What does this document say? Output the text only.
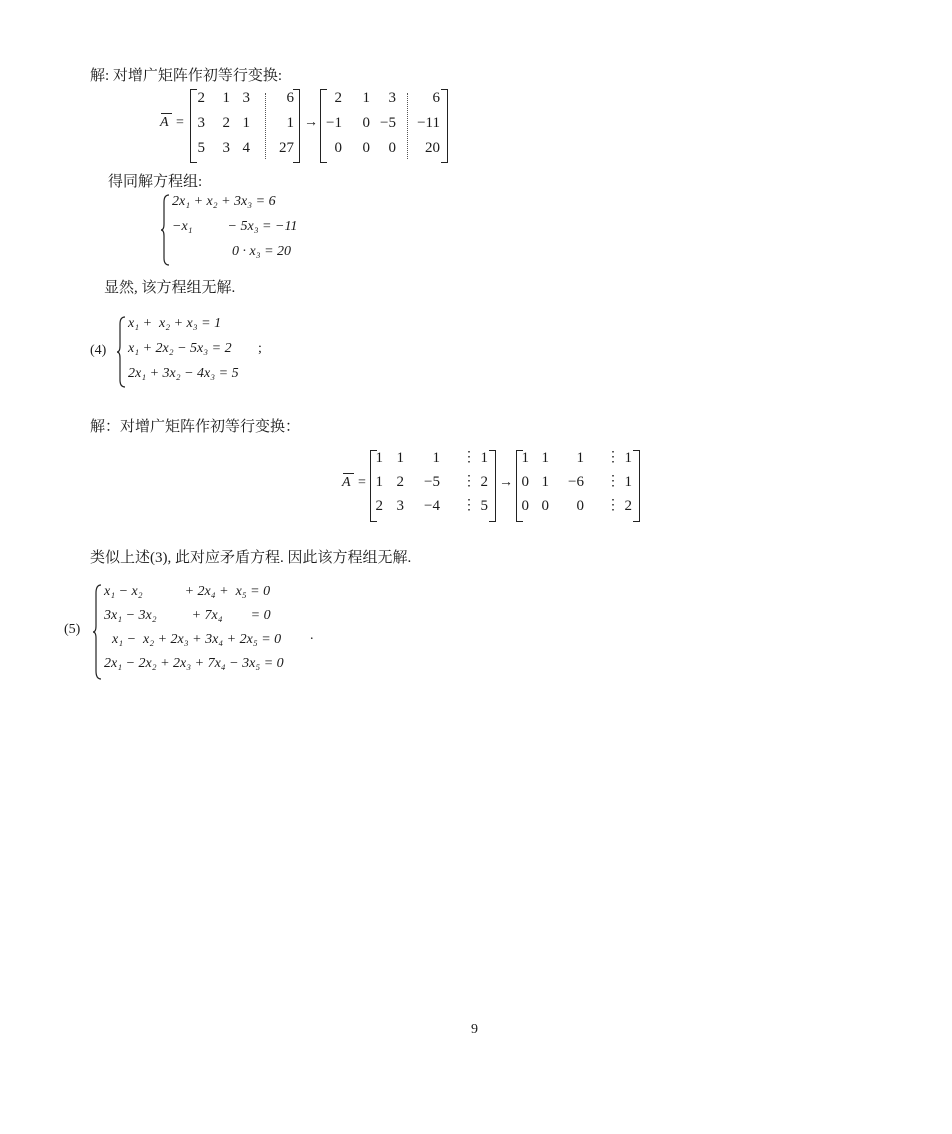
解: 对增广矩阵作初等行变换:
A =
2 1 3 6
3 2 1 1
5 3 4 27
→
2 1 3 6
−1 0 −5 −11
0 0 0 20
得同解方程组:
2x₁ + x₂ + 3x₃ = 6
−x₁          − 5x₃ = −11
0 · x₃ = 20
显然, 该方程组无解.
(4)
x₁ +  x₂ + x₃ = 1
x₁ + 2x₂ − 5x₃ = 2 ;
2x₁ + 3x₂ − 4x₃ = 5
解：对增广矩阵作初等行变换：
A =
1 1 1	1
⋮
1 2 −5	2
⋮
2 3 −4	5
⋮
→
1 1 1	1
⋮
0 1 −6	1
⋮
0 0 0	2
⋮
类似上述(3), 此对应矛盾方程. 因此该方程组无解.
(5)
x₁ − x₂            + 2x₄ +  x₅ = 0
3x₁ − 3x₂          + 7x₄        = 0
x₁ −  x₂ + 2x₃ + 3x₄ + 2x₅ = 0 .
2x₁ − 2x₂ + 2x₃ + 7x₄ − 3x₅ = 0
9
